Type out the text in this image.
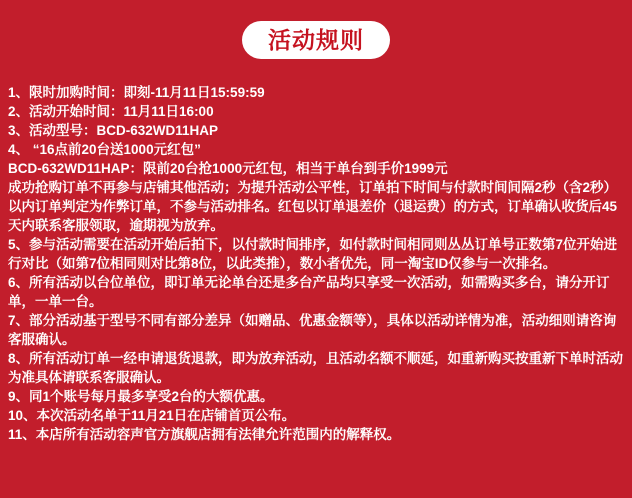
活动规则

1、限时加购时间：即刻-11月11日15:59:59

2、活动开始时间：11月11日16:00

3、活动型号：BCD-632WD11HAP

4、 “16点前20台送1000元红包”

BCD-632WD11HAP：限前20台抢1000元红包，相当于单台到手价1999元

成功抢购订单不再参与店铺其他活动；为提升活动公平性，订单拍下时间与付款时间间隔2秒（含2秒）以内订单判定为作弊订单，不参与活动排名。红包以订单退差价（退运费）的方式，订单确认收货后45天内联系客服领取，逾期视为放弃。

5、参与活动需要在活动开始后拍下，以付款时间排序，如付款时间相同则丛丛订单号正数第7位开始进行对比（如第7位相同则对比第8位，以此类推），数小者优先，同一淘宝ID仅参与一次排名。

6、所有活动以台位单位，即订单无论单台还是多台产品均只享受一次活动，如需购买多台，请分开订单，一单一台。

7、部分活动基于型号不同有部分差异（如赠品、优惠金额等），具体以活动详情为准，活动细则请咨询客服确认。

8、所有活动订单一经申请退货退款，即为放弃活动，且活动名额不顺延，如重新购买按重新下单时活动为准具体请联系客服确认。

9、同1个账号每月最多享受2台的大额优惠。

10、本次活动名单于11月21日在店铺首页公布。

11、本店所有活动容声官方旗舰店拥有法律允许范围内的解释权。
